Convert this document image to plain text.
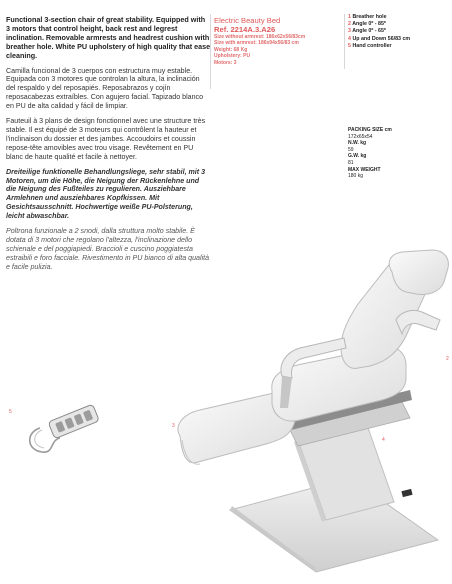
Functional 3-section chair of great stability. Equipped with 3 motors that control height, back rest and legrest inclination. Removable armrests and headrest cushion with breather hole. White PU upholstery of high quality that ease cleaning.

Camilla funcional de 3 cuerpos con estructura muy estable. Equipada con 3 motores que controlan la altura, la inclinación del respaldo y del reposapiés. Reposabrazos y cojín reposacabezas extraíbles. Con agujero facial. Tapizado blanco en PU de alta calidad y fácil de limpiar.

Fauteuil à 3 plans de design fonctionnel avec une structure très stable. Il est équipé de 3 moteurs qui contrôlent la hauteur et l'inclinaison du dossier et des jambes. Accoudoirs et coussin repose-tête amovibles avec trou visage. Revêtement en PU blanc de haute qualité et facile à nettoyer.

Dreiteilige funktionelle Behandlungsliege, sehr stabil, mit 3 Motoren, um die Höhe, die Neigung der Rückenlehne und die Neigung des Fußteiles zu regulieren. Ausziehbare Armlehnen und ausziehbares Kopfkissen. Mit Gesichtsausschnitt. Hochwertige weiße PU-Polsterung, leicht abwaschbar.

Poltrona funzionale a 2 snodi, dalla struttura molto stabile. È dotata di 3 motori che regolano l'altezza, l'inclinazione dello schienale e del poggiapiedi. Braccioli e cuscino poggiatesta estraibili e foro facciale. Rivestimento in PU bianco di alta qualità e facile pulizia.

Electric Beauty Bed
Ref. 2214A.3.A26
Size without armrest: 186x62x56/83cm
Size with armrest: 186x94x56/83 cm
Weight: 68 Kg
Upholstery: PU
Motors: 3
1 Breather hole
2 Angle 0º - 85º
3 Angle 0º - 65º
4 Up and Down 56/83 cm
5 Hand controller
PACKING SIZE cm
172x65x54
N.W. kg
59
G.W. kg
81
MAX WEIGHT
180 kg
5
3
4
2
